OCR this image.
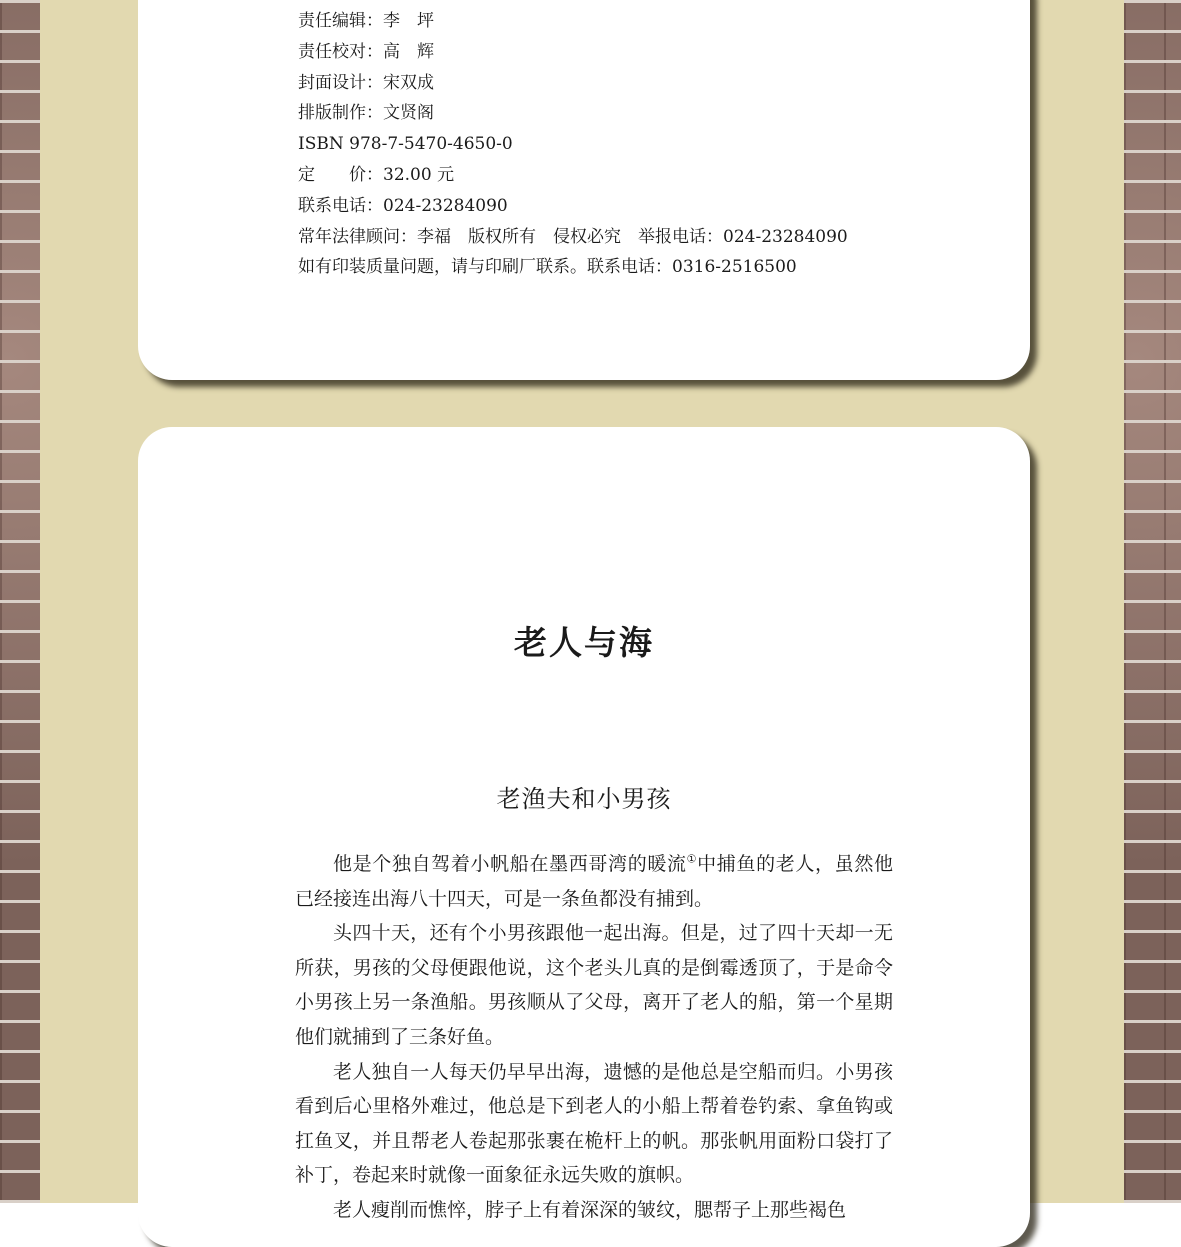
责任编辑：李　坪
责任校对：高　辉
封面设计：宋双成
排版制作：文贤阁
ISBN 978-7-5470-4650-0
定　　价：32.00 元
联系电话：024-23284090
常年法律顾问：李福　版权所有　侵权必究　举报电话：024-23284090
如有印装质量问题，请与印刷厂联系。联系电话：0316-2516500
老人与海
老渔夫和小男孩

他是个独自驾着小帆船在墨西哥湾的暖流①中捕鱼的老人，虽然他已经接连出海八十四天，可是一条鱼都没有捕到。

头四十天，还有个小男孩跟他一起出海。但是，过了四十天却一无所获，男孩的父母便跟他说，这个老头儿真的是倒霉透顶了，于是命令小男孩上另一条渔船。男孩顺从了父母，离开了老人的船，第一个星期他们就捕到了三条好鱼。

老人独自一人每天仍早早出海，遗憾的是他总是空船而归。小男孩看到后心里格外难过，他总是下到老人的小船上帮着卷钓索、拿鱼钩或扛鱼叉，并且帮老人卷起那张裹在桅杆上的帆。那张帆用面粉口袋打了补丁，卷起来时就像一面象征永远失败的旗帜。

老人瘦削而憔悴，脖子上有着深深的皱纹，腮帮子上那些褐色
